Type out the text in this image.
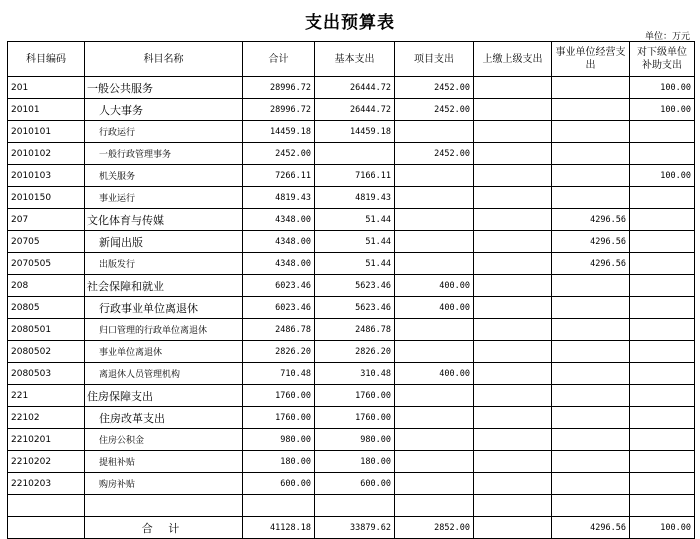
支出预算表
单位：万元
科目编码	科目名称	合计	基本支出	项目支出	上缴上级支出	事业单位经营支出	对下级单位补助支出
201	一般公共服务	28996.72	26444.72	2452.00			100.00
20101	人大事务	28996.72	26444.72	2452.00			100.00
2010101	行政运行	14459.18	14459.18				
2010102	一般行政管理事务	2452.00		2452.00			
2010103	机关服务	7266.11	7166.11				100.00
2010150	事业运行	4819.43	4819.43				
207	文化体育与传媒	4348.00	51.44			4296.56	
20705	新闻出版	4348.00	51.44			4296.56	
2070505	出版发行	4348.00	51.44			4296.56	
208	社会保障和就业	6023.46	5623.46	400.00			
20805	行政事业单位离退休	6023.46	5623.46	400.00			
2080501	归口管理的行政单位离退休	2486.78	2486.78				
2080502	事业单位离退休	2826.20	2826.20				
2080503	离退休人员管理机构	710.48	310.48	400.00			
221	住房保障支出	1760.00	1760.00				
22102	住房改革支出	1760.00	1760.00				
2210201	住房公积金	980.00	980.00				
2210202	提租补贴	180.00	180.00				
2210203	购房补贴	600.00	600.00				

	合 计	41128.18	33879.62	2852.00		4296.56	100.00
